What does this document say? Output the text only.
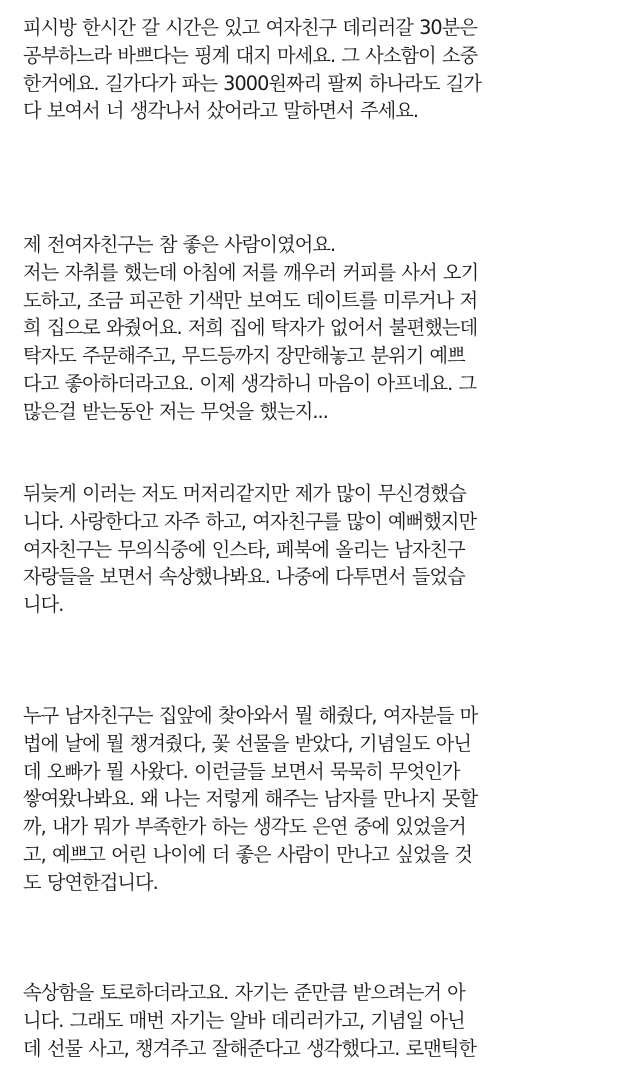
피시방 한시간 갈 시간은 있고 여자친구 데리러갈 30분은
공부하느라 바쁘다는 핑계 대지 마세요. 그 사소함이 소중
한거에요. 길가다가 파는 3000원짜리 팔찌 하나라도 길가
다 보여서 너 생각나서 샀어라고 말하면서 주세요.
제 전여자친구는 참 좋은 사람이였어요.
저는 자취를 했는데 아침에 저를 깨우러 커피를 사서 오기
도하고, 조금 피곤한 기색만 보여도 데이트를 미루거나 저
희 집으로 와줬어요. 저희 집에 탁자가 없어서 불편했는데
탁자도 주문해주고, 무드등까지 장만해놓고 분위기 예쁘
다고 좋아하더라고요. 이제 생각하니 마음이 아프네요. 그
많은걸 받는동안 저는 무엇을 했는지...
뒤늦게 이러는 저도 머저리같지만 제가 많이 무신경했습
니다. 사랑한다고 자주 하고, 여자친구를 많이 예뻐했지만
여자친구는 무의식중에 인스타, 페북에 올리는 남자친구
자랑들을 보면서 속상했나봐요. 나중에 다투면서 들었습
니다.
누구 남자친구는 집앞에 찾아와서 뭘 해줬다, 여자분들 마
법에 날에 뭘 챙겨줬다, 꽃 선물을 받았다, 기념일도 아닌
데 오빠가 뭘 사왔다. 이런글들 보면서 묵묵히 무엇인가
쌓여왔나봐요. 왜 나는 저렇게 해주는 남자를 만나지 못할
까, 내가 뭐가 부족한가 하는 생각도 은연 중에 있었을거
고, 예쁘고 어린 나이에 더 좋은 사람이 만나고 싶었을 것
도 당연한겁니다.
속상함을 토로하더라고요. 자기는 준만큼 받으려는거 아
니다. 그래도 매번 자기는 알바 데리러가고, 기념일 아닌
데 선물 사고, 챙겨주고 잘해준다고 생각했다고. 로맨틱한
